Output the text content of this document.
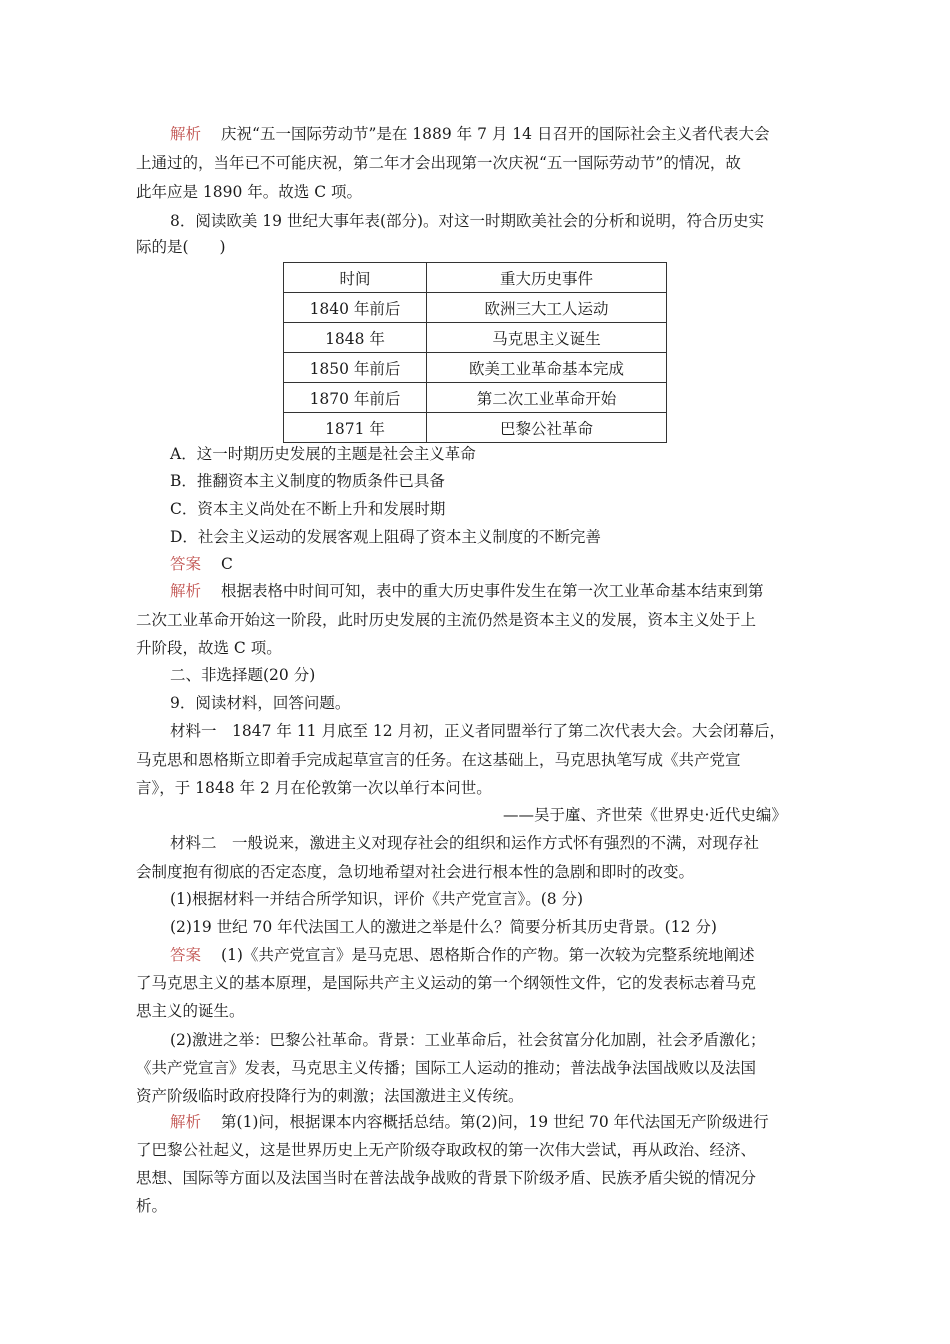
解析 庆祝“五一国际劳动节”是在 1889 年 7 月 14 日召开的国际社会主义者代表大会
上通过的，当年已不可能庆祝，第二年才会出现第一次庆祝“五一国际劳动节”的情况，故
此年应是 1890 年。故选 C 项。
8．阅读欧美 19 世纪大事年表(部分)。对这一时期欧美社会的分析和说明，符合历史实
际的是(　　)
时间	重大历史事件
1840 年前后	欧洲三大工人运动
1848 年	马克思主义诞生
1850 年前后	欧美工业革命基本完成
1870 年前后	第二次工业革命开始
1871 年	巴黎公社革命
A．这一时期历史发展的主题是社会主义革命
B．推翻资本主义制度的物质条件已具备
C．资本主义尚处在不断上升和发展时期
D．社会主义运动的发展客观上阻碍了资本主义制度的不断完善
答案 C
解析 根据表格中时间可知，表中的重大历史事件发生在第一次工业革命基本结束到第
二次工业革命开始这一阶段，此时历史发展的主流仍然是资本主义的发展，资本主义处于上
升阶段，故选 C 项。
二、非选择题(20 分)
9．阅读材料，回答问题。
材料一　1847 年 11 月底至 12 月初，正义者同盟举行了第二次代表大会。大会闭幕后，
马克思和恩格斯立即着手完成起草宣言的任务。在这基础上，马克思执笔写成《共产党宣
言》，于 1848 年 2 月在伦敦第一次以单行本问世。
——吴于廑、齐世荣《世界史·近代史编》
材料二　一般说来，激进主义对现存社会的组织和运作方式怀有强烈的不满，对现存社
会制度抱有彻底的否定态度，急切地希望对社会进行根本性的急剧和即时的改变。
(1)根据材料一并结合所学知识，评价《共产党宣言》。(8 分)
(2)19 世纪 70 年代法国工人的激进之举是什么？简要分析其历史背景。(12 分)
答案 (1)《共产党宣言》是马克思、恩格斯合作的产物。第一次较为完整系统地阐述
了马克思主义的基本原理，是国际共产主义运动的第一个纲领性文件，它的发表标志着马克
思主义的诞生。
(2)激进之举：巴黎公社革命。背景：工业革命后，社会贫富分化加剧，社会矛盾激化；
《共产党宣言》发表，马克思主义传播；国际工人运动的推动；普法战争法国战败以及法国
资产阶级临时政府投降行为的刺激；法国激进主义传统。
解析 第(1)问，根据课本内容概括总结。第(2)问，19 世纪 70 年代法国无产阶级进行
了巴黎公社起义，这是世界历史上无产阶级夺取政权的第一次伟大尝试，再从政治、经济、
思想、国际等方面以及法国当时在普法战争战败的背景下阶级矛盾、民族矛盾尖锐的情况分
析。
